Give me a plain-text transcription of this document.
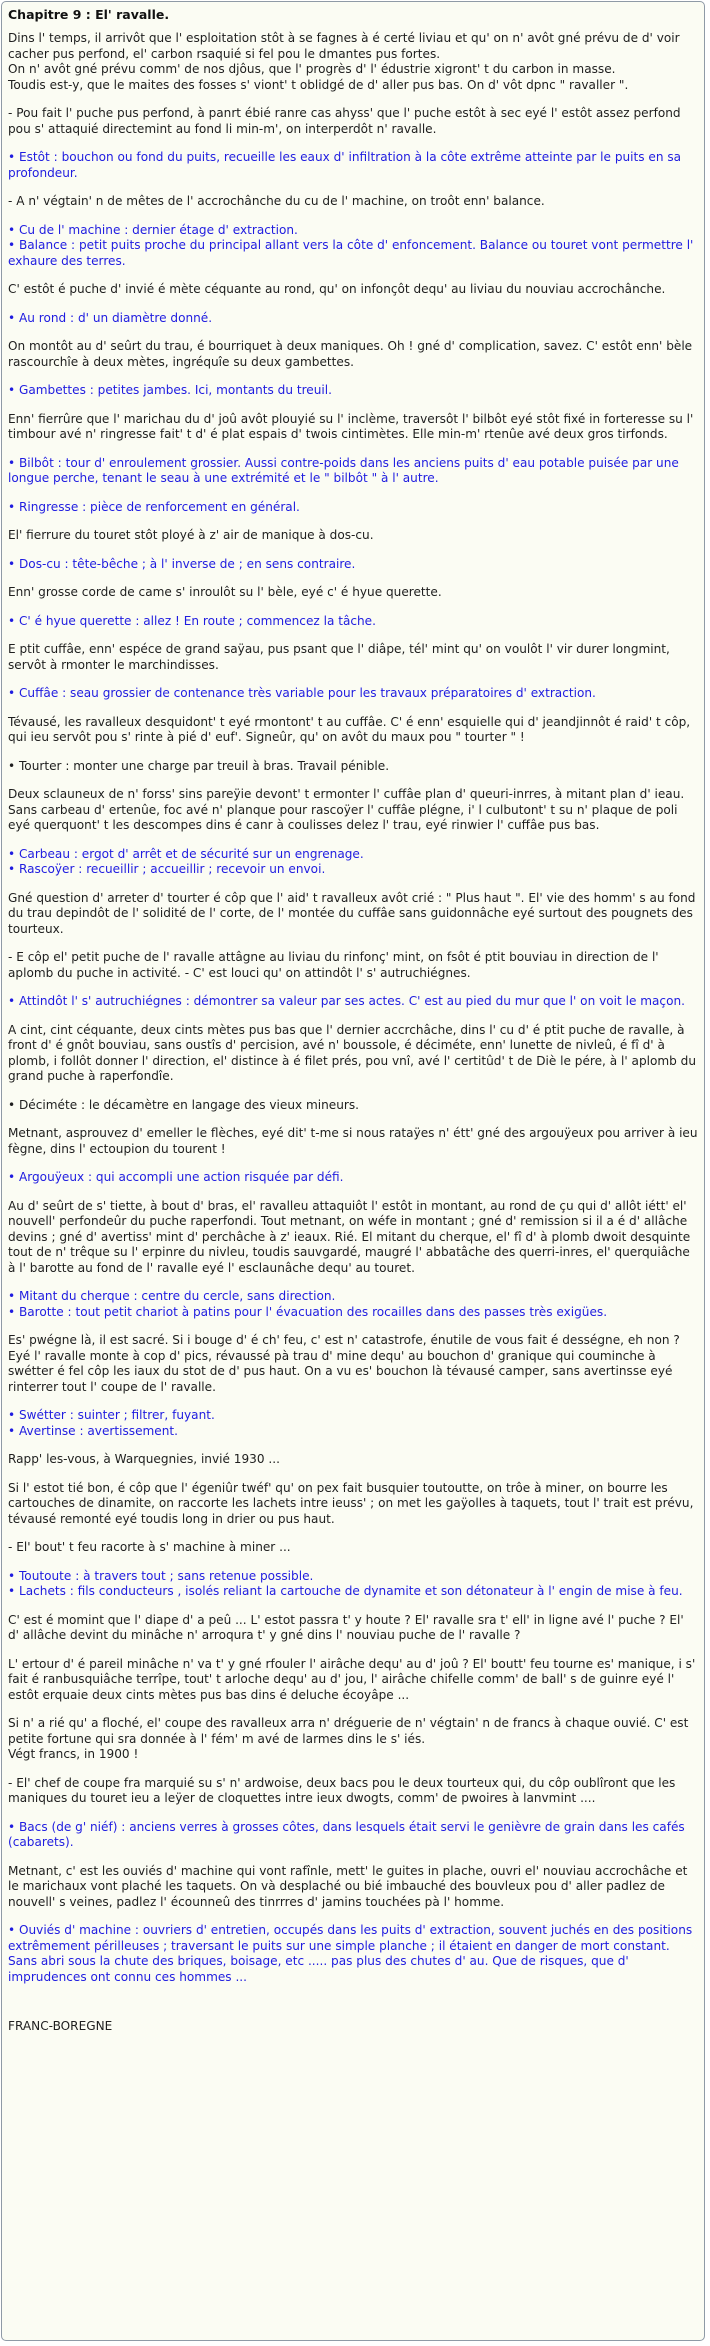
Chapitre 9 : El' ravalle.

Dins l' temps, il arrivôt que l' esploitation stôt à se fagnes à é certé liviau et qu' on n' avôt gné prévu de d' voir cacher pus perfond, el' carbon rsaquié si fel pou le dmantes pus fortes.
On n' avôt gné prévu comm' de nos djôus, que l' progrès d' l' édustrie xigront' t du carbon in masse.
Toudis est-y, que le maites des fosses s' viont' t oblidgé de d' aller pus bas. On d' vôt dpnc " ravaller ".

- Pou fait l' puche pus perfond, à panrt ébié ranre cas ahyss' que l' puche estôt à sec eyé l' estôt assez perfond pou s' attaquié directemint au fond li min-m', on interperdôt n' ravalle.

• Estôt : bouchon ou fond du puits, recueille les eaux d' infiltration à la côte extrême atteinte par le puits en sa profondeur.

- A n' végtain' n de mêtes de l' accrochânche du cu de l' machine, on troôt enn' balance.

• Cu de l' machine : dernier étage d' extraction.
• Balance : petit puits proche du principal allant vers la côte d' enfoncement. Balance ou touret vont permettre l' exhaure des terres.

C' estôt é puche d' invié é mète céquante au rond, qu' on infonçôt dequ' au liviau du nouviau accrochânche.

• Au rond : d' un diamètre donné.

On montôt au d' seûrt du trau, é bourriquet à deux maniques. Oh ! gné d' complication, savez. C' estôt enn' bèle rascourchîe à deux mètes, ingréquîe su deux gambettes.

• Gambettes : petites jambes. Ici, montants du treuil.

Enn' fierrûre que l' marichau du d' joû avôt plouyié su l' inclème, traversôt l' bilbôt eyé stôt fixé in forteresse su l' timbour avé n' ringresse fait' t d' é plat espais d' twois cintimètes. Elle min-m' rtenûe avé deux gros tirfonds.

• Bilbôt : tour d' enroulement grossier. Aussi contre-poids dans les anciens puits d' eau potable puisée par une longue perche, tenant le seau à une extrémité et le " bilbôt " à l' autre.

• Ringresse : pièce de renforcement en général.

El' fierrure du touret stôt ployé à z' air de manique à dos-cu.

• Dos-cu : tête-bêche ; à l' inverse de ; en sens contraire.

Enn' grosse corde de came s' inroulôt su l' bèle, eyé c' é hyue querette.

• C' é hyue querette : allez ! En route ; commencez la tâche.

E ptit cuffâe, enn' espéce de grand saÿau, pus psant que l' diâpe, tél' mint qu' on voulôt l' vir durer longmint, servôt à rmonter le marchindisses.

• Cuffâe : seau grossier de contenance très variable pour les travaux préparatoires d' extraction.

Tévausé, les ravalleux desquidont' t eyé rmontont' t au cuffâe. C' é enn' esquielle qui d' jeandjinnôt é raid' t côp, qui ieu servôt pou s' rinte à pié d' euf'. Signeûr, qu' on avôt du maux pou " tourter " !

• Tourter : monter une charge par treuil à bras. Travail pénible.

Deux sclauneux de n' forss' sins pareÿie devont' t ermonter l' cuffâe plan d' queuri-inrres, à mitant plan d' ieau. Sans carbeau d' ertenûe, foc avé n' planque pour rascoÿer l' cuffâe plégne, i' l culbutont' t su n' plaque de poli eyé querquont' t les descompes dins é canr à coulisses delez l' trau, eyé rinwier l' cuffâe pus bas.

• Carbeau : ergot d' arrêt et de sécurité sur un engrenage.
• Rascoÿer : recueillir ; accueillir ; recevoir un envoi.

Gné question d' arreter d' tourter é côp que l' aid' t ravalleux avôt crié : " Plus haut ". El' vie des homm' s au fond du trau depindôt de l' solidité de l' corte, de l' montée du cuffâe sans guidonnâche eyé surtout des pougnets des tourteux.

- E côp el' petit puche de l' ravalle attâgne au liviau du rinfonç' mint, on fsôt é ptit bouviau in direction de l' aplomb du puche in activité. - C' est louci qu' on attindôt l' s' autruchiégnes.

• Attindôt l' s' autruchiégnes : démontrer sa valeur par ses actes. C' est au pied du mur que l' on voit le maçon.

A cint, cint céquante, deux cints mètes pus bas que l' dernier accrchâche, dins l' cu d' é ptit puche de ravalle, à front d' é gnôt bouviau, sans oustîs d' percision, avé n' boussole, é déciméte, enn' lunette de nivleû, é fî d' à plomb, i follôt donner l' direction, el' distince à é filet prés, pou vnî, avé l' certitûd' t de Diè le pére, à l' aplomb du grand puche à raperfondîe.

• Déciméte : le décamètre en langage des vieux mineurs.

Metnant, asprouvez d' emeller le flèches, eyé dit' t-me si nous rataÿes n' étt' gné des argouÿeux pou arriver à ieu fègne, dins l' ectoupion du tourent !

• Argouÿeux : qui accompli une action risquée par défi.

Au d' seûrt de s' tiette, à bout d' bras, el' ravalleu attaquiôt l' estôt in montant, au rond de çu qui d' allôt iétt' el' nouvell' perfondeûr du puche raperfondi. Tout metnant, on wéfe in montant ; gné d' remission si il a é d' allâche devins ; gné d' avertiss' mint d' perchâche à z' ieaux. Rié. El mitant du cherque, el' fî d' à plomb dwoit desquinte tout de n' trêque su l' erpinre du nivleu, toudis sauvgardé, maugré l' abbatâche des querri-inres, el' querquiâche à l' barotte au fond de l' ravalle eyé l' esclaunâche dequ' au touret.

• Mitant du cherque : centre du cercle, sans direction.
• Barotte : tout petit chariot à patins pour l' évacuation des rocailles dans des passes très exigües.

Es' pwégne là, il est sacré. Si i bouge d' é ch' feu, c' est n' catastrofe, énutile de vous fait é dességne, eh non ?
Eyé l' ravalle monte à cop d' pics, révaussé pà trau d' mine dequ' au bouchon d' granique qui couminche à swétter é fel côp les iaux du stot de d' pus haut. On a vu es' bouchon là tévausé camper, sans avertinsse eyé rinterrer tout l' coupe de l' ravalle.

• Swétter : suinter ; filtrer, fuyant.
• Avertinse : avertissement.

Rapp' les-vous, à Warquegnies, invié 1930 ...

Si l' estot tié bon, é côp que l' égeniûr twéf' qu' on pex fait busquier toutoutte, on trôe à miner, on bourre les cartouches de dinamite, on raccorte les lachets intre ieuss' ; on met les gaÿolles à taquets, tout l' trait est prévu, tévausé remonté eyé toudis long in drier ou pus haut.

- El' bout' t feu racorte à s' machine à miner ...

• Toutoute : à travers tout ; sans retenue possible.
• Lachets : fils conducteurs , isolés reliant la cartouche de dynamite et son détonateur à l' engin de mise à feu.

C' est é momint que l' diape d' a peû ... L' estot passra t' y houte ? El' ravalle sra t' ell' in ligne avé l' puche ? El' d' allâche devint du minâche n' arroqura t' y gné dins l' nouviau puche de l' ravalle ?

L' ertour d' é pareil minâche n' va t' y gné rfouler l' airâche dequ' au d' joû ? El' boutt' feu tourne es' manique, i s' fait é ranbusquiâche terrîpe, tout' t arloche dequ' au d' jou, l' airâche chifelle comm' de ball' s de guinre eyé l' estôt erquaie deux cints mètes pus bas dins é deluche écoyâpe ...

Si n' a rié qu' a floché, el' coupe des ravalleux arra n' dréguerie de n' végtain' n de francs à chaque ouvié. C' est petite fortune qui sra donnée à l' fém' m avé de larmes dins le s' iés.
Végt francs, in 1900 !

- El' chef de coupe fra marquié su s' n' ardwoise, deux bacs pou le deux tourteux qui, du côp oublîront que les maniques du touret ieu a leÿer de cloquettes intre ieux dwogts, comm' de pwoires à lanvmint ....

• Bacs (de g' niéf) : anciens verres à grosses côtes, dans lesquels était servi le genièvre de grain dans les cafés (cabarets).

Metnant, c' est les ouviés d' machine qui vont rafînle, mett' le guites in plache, ouvri el' nouviau accrochâche et le marichaux vont plaché les taquets. On và desplaché ou bié imbauché des bouvleux pou d' aller padlez de nouvell' s veines, padlez l' écounneû des tinrrres d' jamins touchées pà l' homme.

• Ouviés d' machine : ouvriers d' entretien, occupés dans les puits d' extraction, souvent juchés en des positions extrêmement périlleuses ; traversant le puits sur une simple planche ; il étaient en danger de mort constant. Sans abri sous la chute des briques, boisage, etc ..... pas plus des chutes d' au. Que de risques, que d' imprudences ont connu ces hommes ...

FRANC-BOREGNE
